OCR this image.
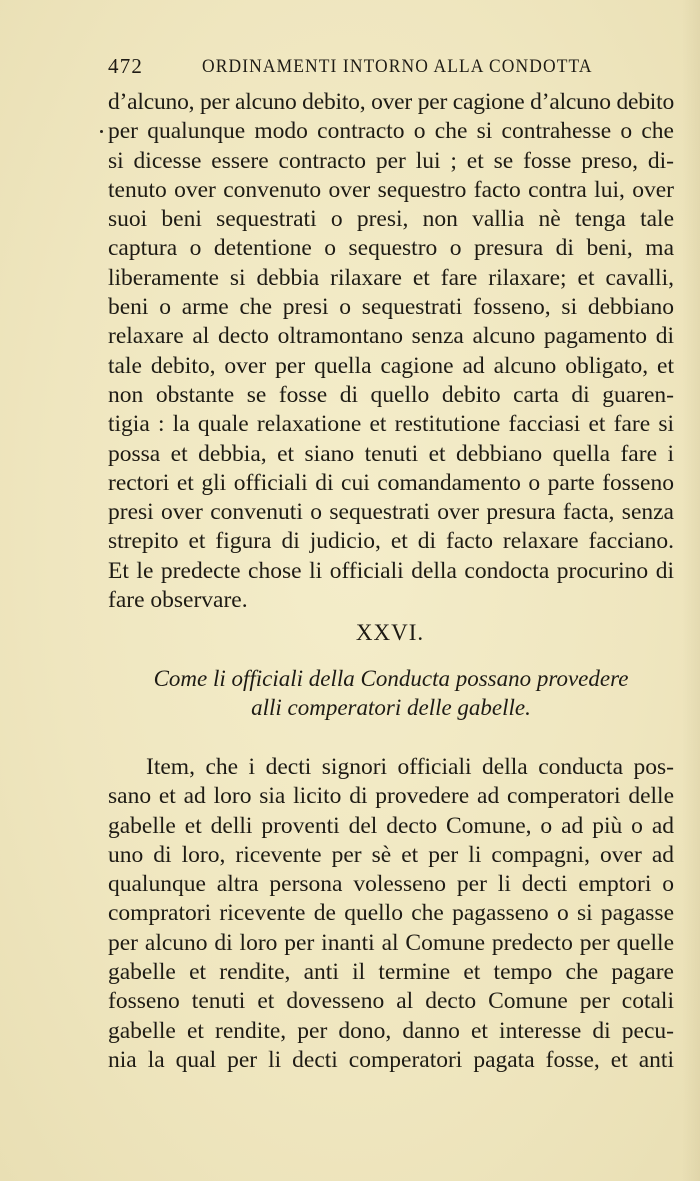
472	ORDINAMENTI INTORNO ALLA CONDOTTA
d’alcuno, per alcuno debito, over per cagione d’alcuno debito
per qualunque modo contracto o che si contrahesse o che
si dicesse essere contracto per lui ; et se fosse preso, di-
tenuto over convenuto over sequestro facto contra lui, over
suoi beni sequestrati o presi, non vallia nè tenga tale
captura o detentione o sequestro o presura di beni, ma
liberamente si debbia rilaxare et fare rilaxare; et cavalli,
beni o arme che presi o sequestrati fosseno, si debbiano
relaxare al decto oltramontano senza alcuno pagamento di
tale debito, over per quella cagione ad alcuno obligato, et
non obstante se fosse di quello debito carta di guaren-
tigia : la quale relaxatione et restitutione facciasi et fare si
possa et debbia, et siano tenuti et debbiano quella fare i
rectori et gli officiali di cui comandamento o parte fosseno
presi over convenuti o sequestrati over presura facta, senza
strepito et figura di judicio, et di facto relaxare facciano.
Et le predecte chose li officiali della condocta procurino di
fare observare.
XXVI.
Come li officiali della Conducta possano provedere
alli comperatori delle gabelle.
Item, che i decti signori officiali della conducta pos-
sano et ad loro sia licito di provedere ad comperatori delle
gabelle et delli proventi del decto Comune, o ad più o ad
uno di loro, ricevente per sè et per li compagni, over ad
qualunque altra persona volesseno per li decti emptori o
compratori ricevente de quello che pagasseno o si pagasse
per alcuno di loro per inanti al Comune predecto per quelle
gabelle et rendite, anti il termine et tempo che pagare
fosseno tenuti et dovesseno al decto Comune per cotali
gabelle et rendite, per dono, danno et interesse di pecu-
nia la qual per li decti comperatori pagata fosse, et anti
